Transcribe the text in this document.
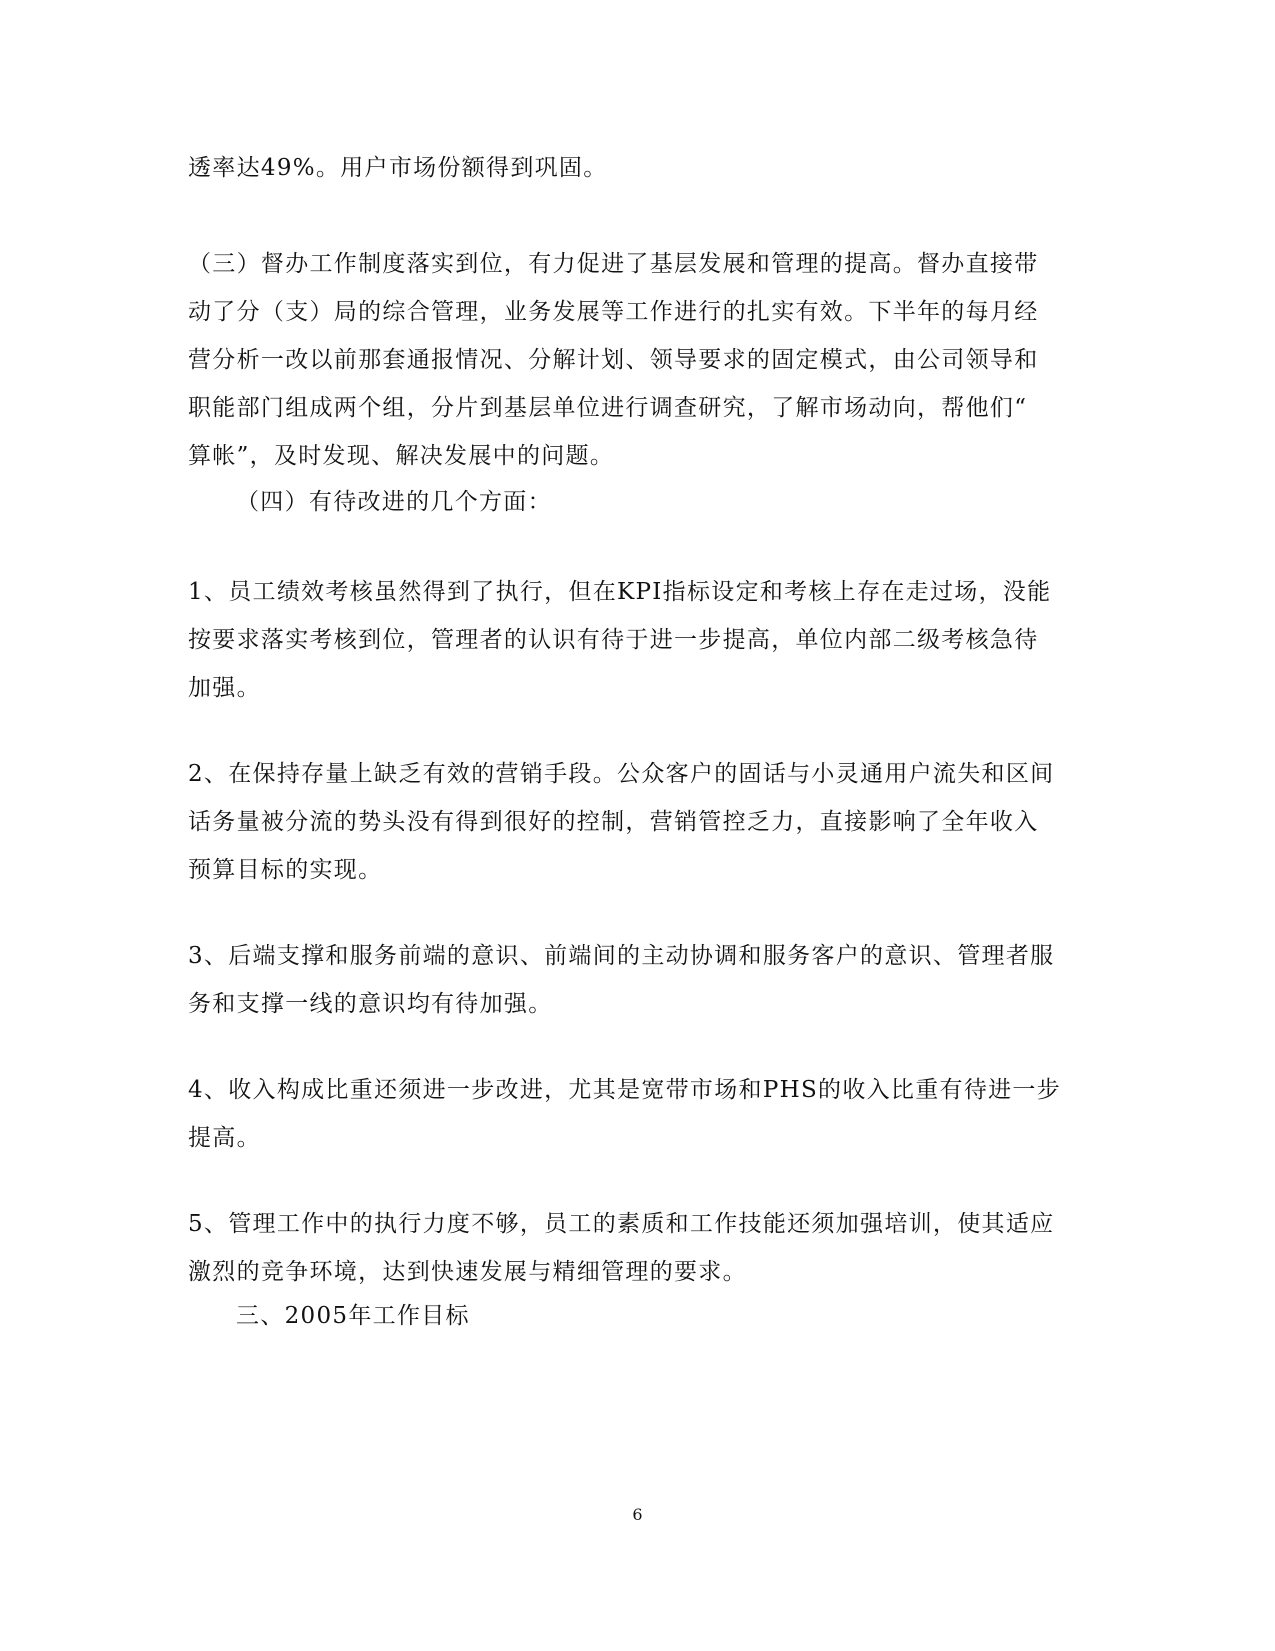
透率达49%。用户市场份额得到巩固。
（三）督办工作制度落实到位，有力促进了基层发展和管理的提高。督办直接带
动了分（支）局的综合管理，业务发展等工作进行的扎实有效。下半年的每月经
营分析一改以前那套通报情况、分解计划、领导要求的固定模式，由公司领导和
职能部门组成两个组，分片到基层单位进行调查研究，了解市场动向，帮他们“
算帐”，及时发现、解决发展中的问题。
（四）有待改进的几个方面：
1、员工绩效考核虽然得到了执行，但在KPI指标设定和考核上存在走过场，没能
按要求落实考核到位，管理者的认识有待于进一步提高，单位内部二级考核急待
加强。
2、在保持存量上缺乏有效的营销手段。公众客户的固话与小灵通用户流失和区间
话务量被分流的势头没有得到很好的控制，营销管控乏力，直接影响了全年收入
预算目标的实现。
3、后端支撑和服务前端的意识、前端间的主动协调和服务客户的意识、管理者服
务和支撑一线的意识均有待加强。
4、收入构成比重还须进一步改进，尤其是宽带市场和PHS的收入比重有待进一步
提高。
5、管理工作中的执行力度不够，员工的素质和工作技能还须加强培训，使其适应
激烈的竞争环境，达到快速发展与精细管理的要求。
三、2005年工作目标
6
